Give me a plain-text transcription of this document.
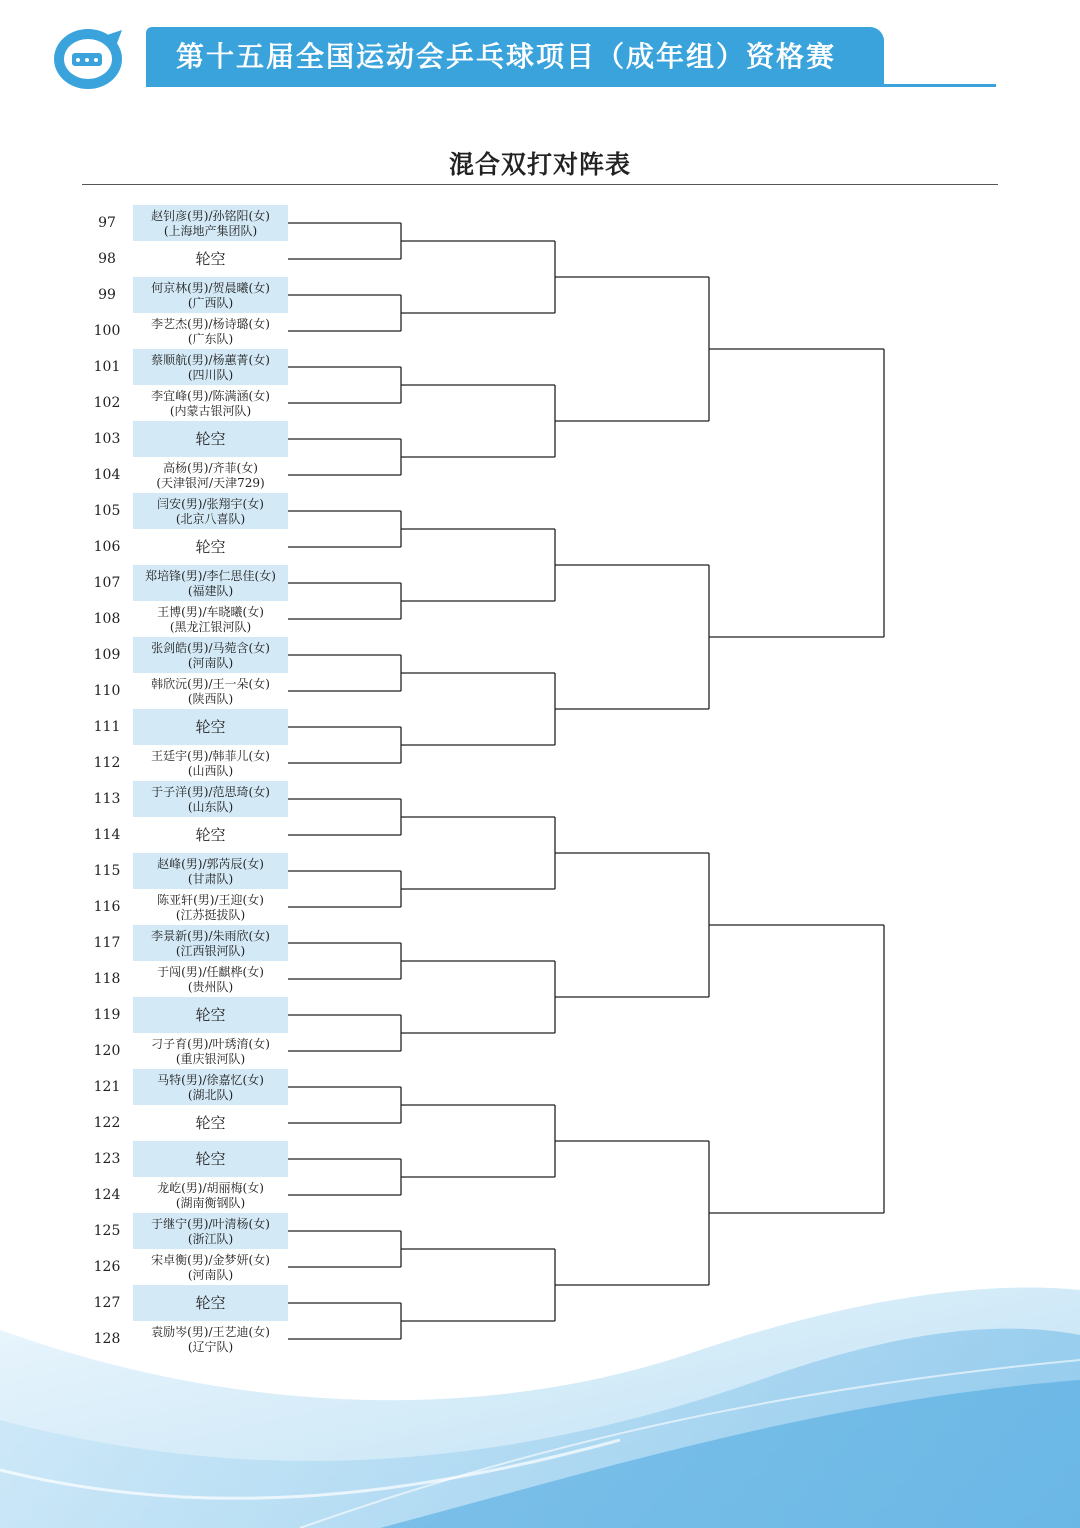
第十五届全国运动会乒乓球项目（成年组）资格赛
混合双打对阵表
97	赵钊彦(男)/孙铭阳(女)
(上海地产集团队)
98	轮空
99	何京林(男)/贺晨曦(女)
(广西队)
100	李艺杰(男)/杨诗璐(女)
(广东队)
101	蔡顺航(男)/杨蕙菁(女)
(四川队)
102	李宜峰(男)/陈满涵(女)
(内蒙古银河队)
103	轮空
104	高杨(男)/齐菲(女)
(天津银河/天津729)
105	闫安(男)/张翔宇(女)
(北京八喜队)
106	轮空
107	郑培锋(男)/李仁思佳(女)
(福建队)
108	王博(男)/车晓曦(女)
(黑龙江银河队)
109	张剑皓(男)/马菀含(女)
(河南队)
110	韩欣沅(男)/王一朵(女)
(陕西队)
111	轮空
112	王廷宇(男)/韩菲儿(女)
(山西队)
113	于子洋(男)/范思琦(女)
(山东队)
114	轮空
115	赵峰(男)/郭芮辰(女)
(甘肃队)
116	陈亚轩(男)/王迎(女)
(江苏挺拔队)
117	李景新(男)/朱雨欣(女)
(江西银河队)
118	于闯(男)/任麒桦(女)
(贵州队)
119	轮空
120	刁子育(男)/叶琇淯(女)
(重庆银河队)
121	马特(男)/徐嘉忆(女)
(湖北队)
122	轮空
123	轮空
124	龙屹(男)/胡丽梅(女)
(湖南衡钢队)
125	于继宁(男)/叶清杨(女)
(浙江队)
126	宋卓衡(男)/金梦妍(女)
(河南队)
127	轮空
128	袁励岑(男)/王艺迪(女)
(辽宁队)
